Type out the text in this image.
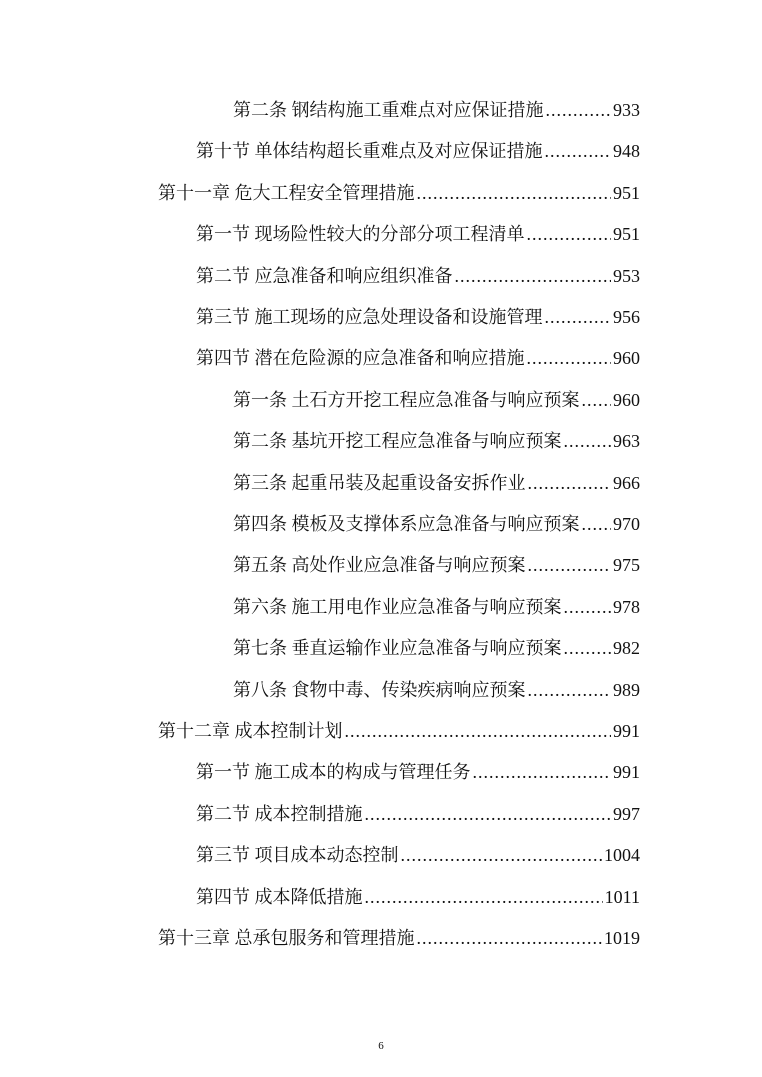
第二条 钢结构施工重难点对应保证措施 .....	933
第十节 单体结构超长重难点及对应保证措施 .....	948
第十一章 危大工程安全管理措施 .....	951
第一节 现场险性较大的分部分项工程清单 .....	951
第二节 应急准备和响应组织准备 .....	953
第三节 施工现场的应急处理设备和设施管理 .....	956
第四节 潜在危险源的应急准备和响应措施 .....	960
第一条 土石方开挖工程应急准备与响应预案 ..... 960
第二条 基坑开挖工程应急准备与响应预案 .....	963
第三条 起重吊装及起重设备安拆作业 .....	966
第四条 模板及支撑体系应急准备与响应预案 ..... 970
第五条 高处作业应急准备与响应预案 .....	975
第六条 施工用电作业应急准备与响应预案 .....	978
第七条 垂直运输作业应急准备与响应预案 .....	982
第八条 食物中毒、传染疾病响应预案 .....	989
第十二章 成本控制计划 .....	991
第一节 施工成本的构成与管理任务 .....	991
第二节 成本控制措施 .....	997
第三节 项目成本动态控制 .....	1004
第四节 成本降低措施 .....	1011
第十三章 总承包服务和管理措施 .....	1019
6
